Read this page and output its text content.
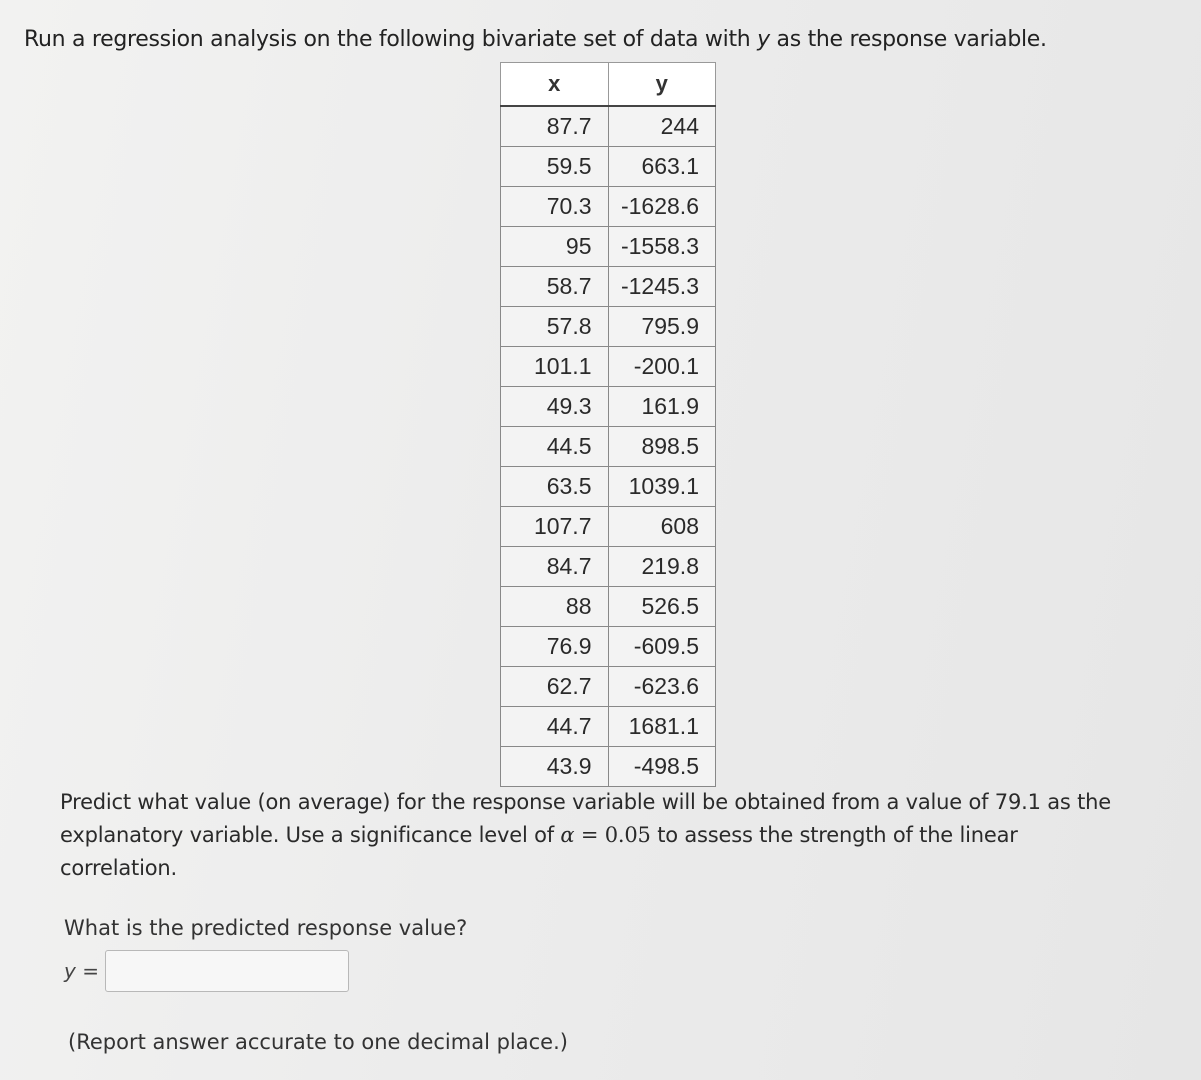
Run a regression analysis on the following bivariate set of data with y as the response variable.
x	y
87.7	244
59.5	663.1
70.3	-1628.6
95	-1558.3
58.7	-1245.3
57.8	795.9
101.1	-200.1
49.3	161.9
44.5	898.5
63.5	1039.1
107.7	608
84.7	219.8
88	526.5
76.9	-609.5
62.7	-623.6
44.7	1681.1
43.9	-498.5
Predict what value (on average) for the response variable will be obtained from a value of 79.1 as the explanatory variable. Use a significance level of α = 0.05 to assess the strength of the linear correlation.
What is the predicted response value?
y =
(Report answer accurate to one decimal place.)
